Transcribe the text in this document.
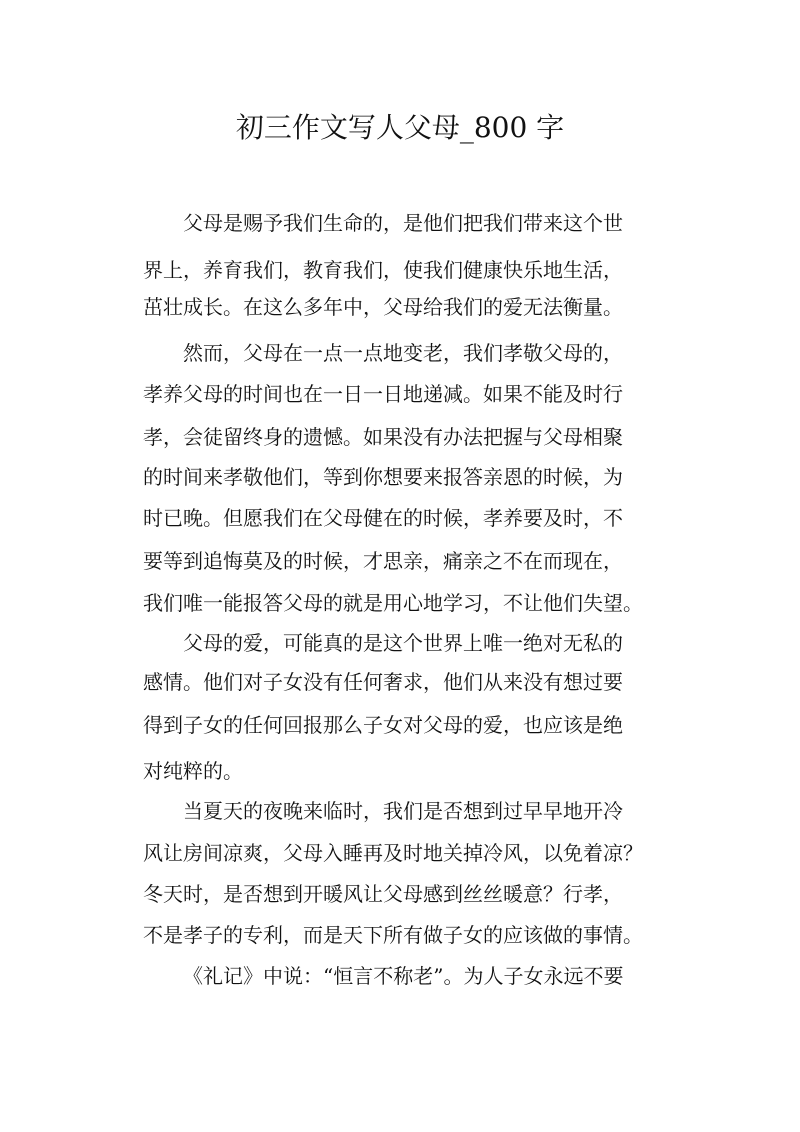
初三作文写人父母_800 字
父母是赐予我们生命的，是他们把我们带来这个世
界上，养育我们，教育我们，使我们健康快乐地生活，
茁壮成长。在这么多年中，父母给我们的爱无法衡量。
然而，父母在一点一点地变老，我们孝敬父母的，
孝养父母的时间也在一日一日地递减。如果不能及时行
孝，会徒留终身的遗憾。如果没有办法把握与父母相聚
的时间来孝敬他们，等到你想要来报答亲恩的时候，为
时已晚。但愿我们在父母健在的时候，孝养要及时，不
要等到追悔莫及的时候，才思亲，痛亲之不在而现在，
我们唯一能报答父母的就是用心地学习，不让他们失望。
父母的爱，可能真的是这个世界上唯一绝对无私的
感情。他们对子女没有任何奢求，他们从来没有想过要
得到子女的任何回报那么子女对父母的爱，也应该是绝
对纯粹的。
当夏天的夜晚来临时，我们是否想到过早早地开冷
风让房间凉爽，父母入睡再及时地关掉冷风，以免着凉？
冬天时，是否想到开暖风让父母感到丝丝暖意？行孝，
不是孝子的专利，而是天下所有做子女的应该做的事情。
《礼记》中说：“恒言不称老”。为人子女永远不要
